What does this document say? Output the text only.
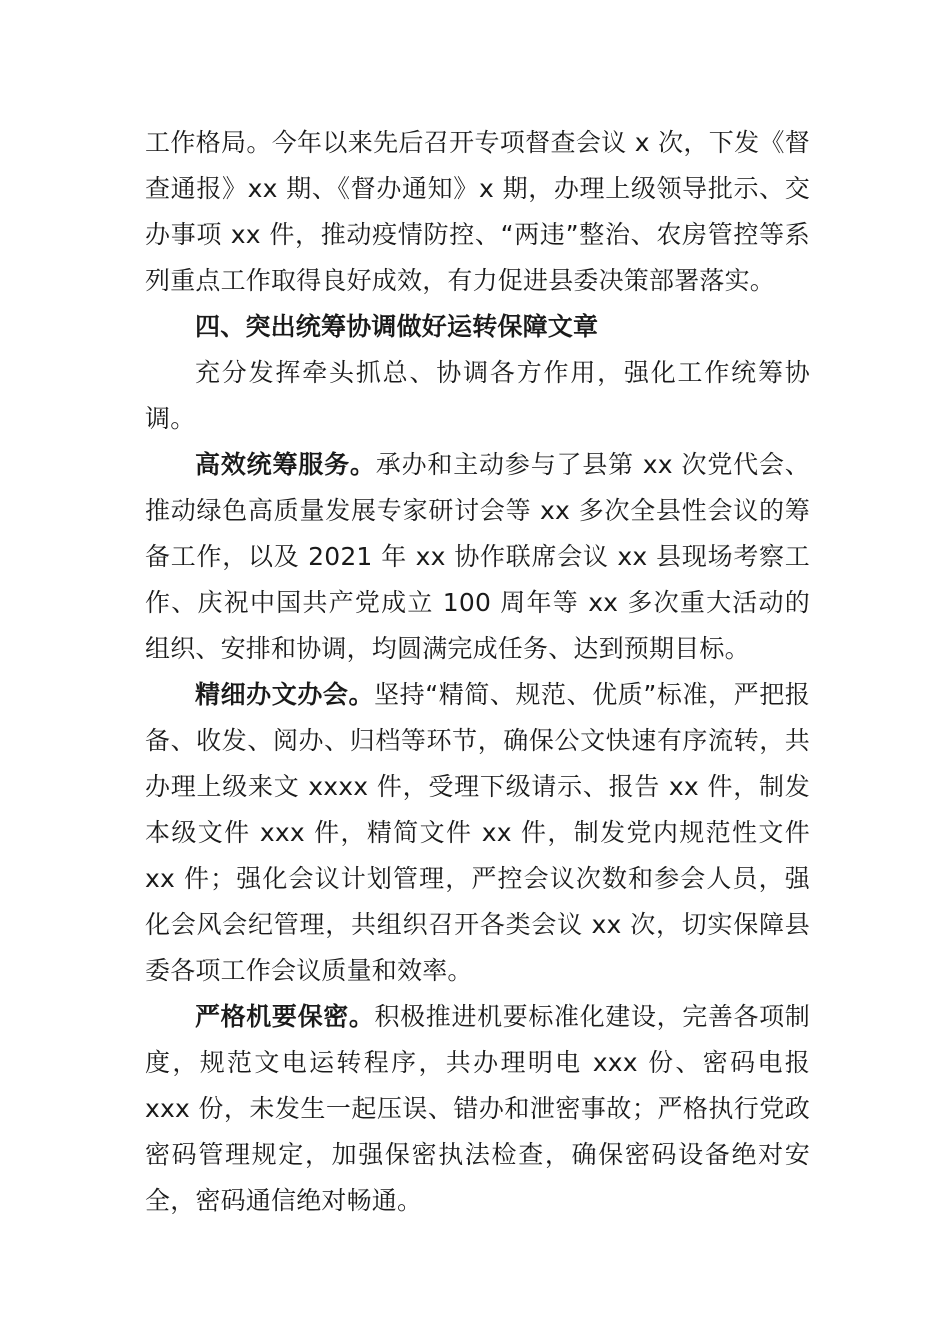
工作格局。今年以来先后召开专项督查会议 x 次，下发《督查通报》xx 期、《督办通知》x 期，办理上级领导批示、交办事项 xx 件，推动疫情防控、“两违”整治、农房管控等系列重点工作取得良好成效，有力促进县委决策部署落实。

四、突出统筹协调做好运转保障文章

充分发挥牵头抓总、协调各方作用，强化工作统筹协调。

高效统筹服务。承办和主动参与了县第 xx 次党代会、推动绿色高质量发展专家研讨会等 xx 多次全县性会议的筹备工作，以及 2021 年 xx 协作联席会议 xx 县现场考察工作、庆祝中国共产党成立 100 周年等 xx 多次重大活动的组织、安排和协调，均圆满完成任务、达到预期目标。

精细办文办会。坚持“精简、规范、优质”标准，严把报备、收发、阅办、归档等环节，确保公文快速有序流转，共办理上级来文 xxxx 件，受理下级请示、报告 xx 件，制发本级文件 xxx 件，精简文件 xx 件，制发党内规范性文件 xx 件；强化会议计划管理，严控会议次数和参会人员，强化会风会纪管理，共组织召开各类会议 xx 次，切实保障县委各项工作会议质量和效率。

严格机要保密。积极推进机要标准化建设，完善各项制度，规范文电运转程序，共办理明电 xxx 份、密码电报 xxx 份，未发生一起压误、错办和泄密事故；严格执行党政密码管理规定，加强保密执法检查，确保密码设备绝对安全，密码通信绝对畅通。
